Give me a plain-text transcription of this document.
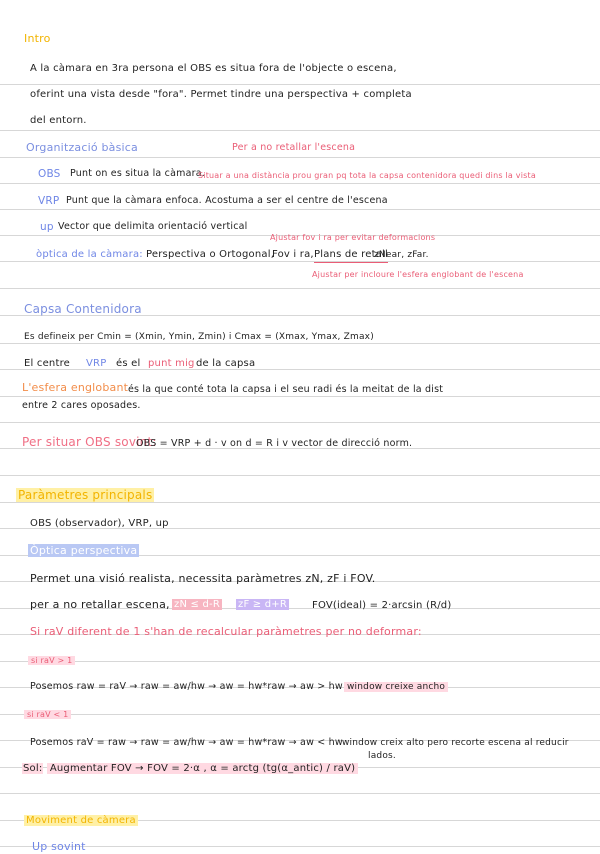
Intro
A la càmara en 3ra persona el OBS es situa fora de l'objecte o escena,
oferint una vista desde "fora". Permet tindre una perspectiva + completa
del entorn.
Organització bàsica	Per a no retallar l'escena
OBS Punt on es situa la càmara.
Situar a una distància prou gran pq tota la capsa contenidora quedi dins la vista
VRP Punt que la càmara enfoca. Acostuma a ser el centre de l'escena
up Vector que delimita orientació vertical
Ajustar fov i ra per evitar deformacions
òptica de la càmara: Perspectiva o Ortogonal,
Fov i ra, Plans de retall
zNear, zFar.
Ajustar per incloure l'esfera englobant de l'escena
Capsa Contenidora
Es defineix per Cmin = (Xmin, Ymin, Zmin) i Cmax = (Xmax, Ymax, Zmax)
El centre VRP és el punt mig de la capsa
L'esfera englobant és la que conté tota la capsa i el seu radi és la meitat de la dist
entre 2 cares oposades.
Per situar OBS sovint:
OBS = VRP + d · v on d = R i v vector de direcció norm.
Paràmetres principals
OBS (observador), VRP, up
Òptica perspectiva
Permet una visió realista, necessita paràmetres zN, zF i FOV.
per a no retallar escena, zN ≤ d-R zF ≥ d+R FOV(ideal) = 2·arcsin (R/d)
Si raV diferent de 1 s'han de recalcular paràmetres per no deformar:
si raV > 1
Posemos raw = raV → raw = aw/hw → aw = hw*raw → aw > hw window creixe ancho
si raV < 1
Posemos raV = raw → raw = aw/hw → aw = hw*raw → aw < hw window creix alto pero recorte escena al reducir
lados.
Sol: Augmentar FOV → FOV = 2·α , α = arctg (tg(α_antic) / raV)
Moviment de càmera
Up sovint
